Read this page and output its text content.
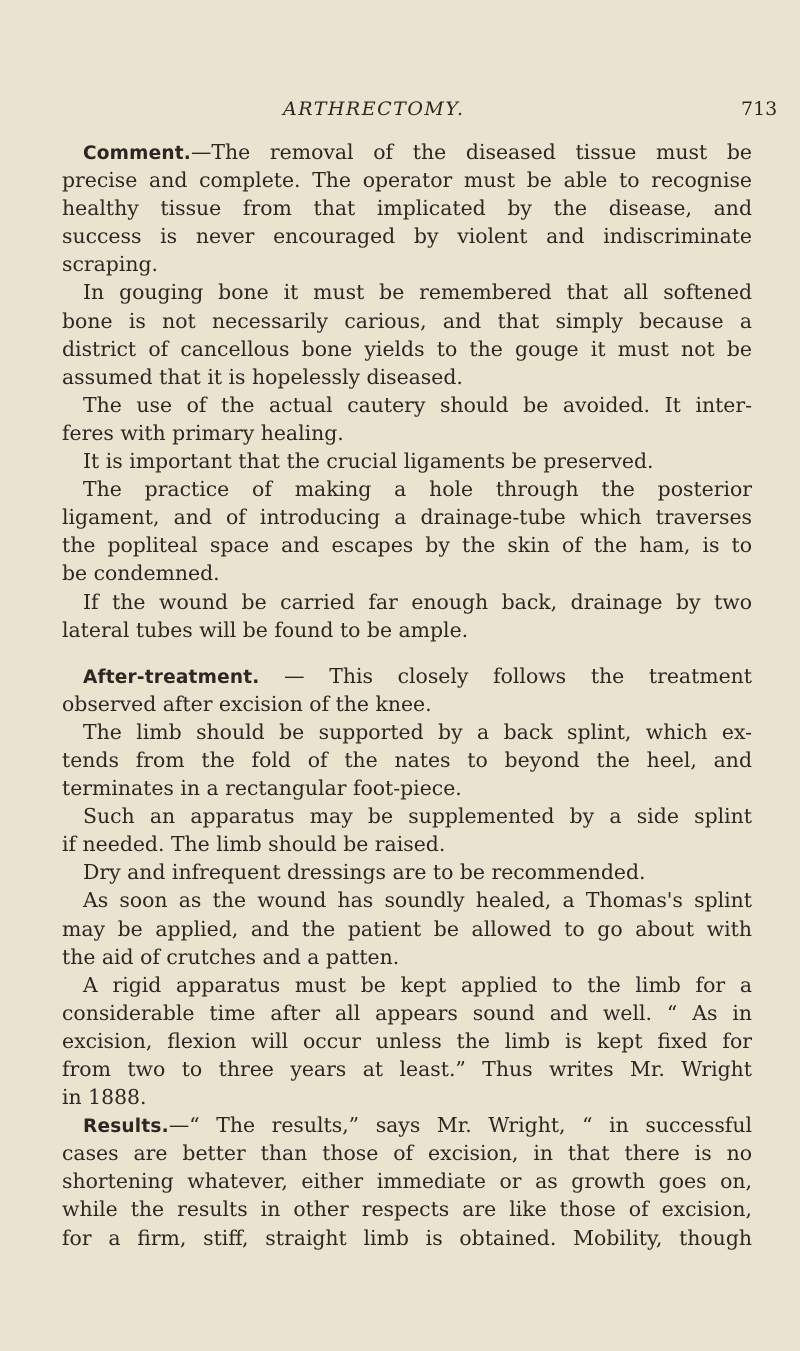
ARTHRECTOMY.	713
Comment.—The removal of the diseased tissue must be
precise and complete. The operator must be able to recognise
healthy tissue from that implicated by the disease, and
success is never encouraged by violent and indiscriminate
scraping.
In gouging bone it must be remembered that all softened
bone is not necessarily carious, and that simply because a
district of cancellous bone yields to the gouge it must not be
assumed that it is hopelessly diseased.
The use of the actual cautery should be avoided. It inter-
feres with primary healing.
It is important that the crucial ligaments be preserved.
The practice of making a hole through the posterior
ligament, and of introducing a drainage-tube which traverses
the popliteal space and escapes by the skin of the ham, is to
be condemned.
If the wound be carried far enough back, drainage by two
lateral tubes will be found to be ample.
After-treatment. — This closely follows the treatment
observed after excision of the knee.
The limb should be supported by a back splint, which ex-
tends from the fold of the nates to beyond the heel, and
terminates in a rectangular foot-piece.
Such an apparatus may be supplemented by a side splint
if needed. The limb should be raised.
Dry and infrequent dressings are to be recommended.
As soon as the wound has soundly healed, a Thomas's splint
may be applied, and the patient be allowed to go about with
the aid of crutches and a patten.
A rigid apparatus must be kept applied to the limb for a
considerable time after all appears sound and well. “ As in
excision, flexion will occur unless the limb is kept fixed for
from two to three years at least.” Thus writes Mr. Wright
in 1888.
Results.—“ The results,” says Mr. Wright, “ in successful
cases are better than those of excision, in that there is no
shortening whatever, either immediate or as growth goes on,
while the results in other respects are like those of excision,
for a firm, stiff, straight limb is obtained. Mobility, though
